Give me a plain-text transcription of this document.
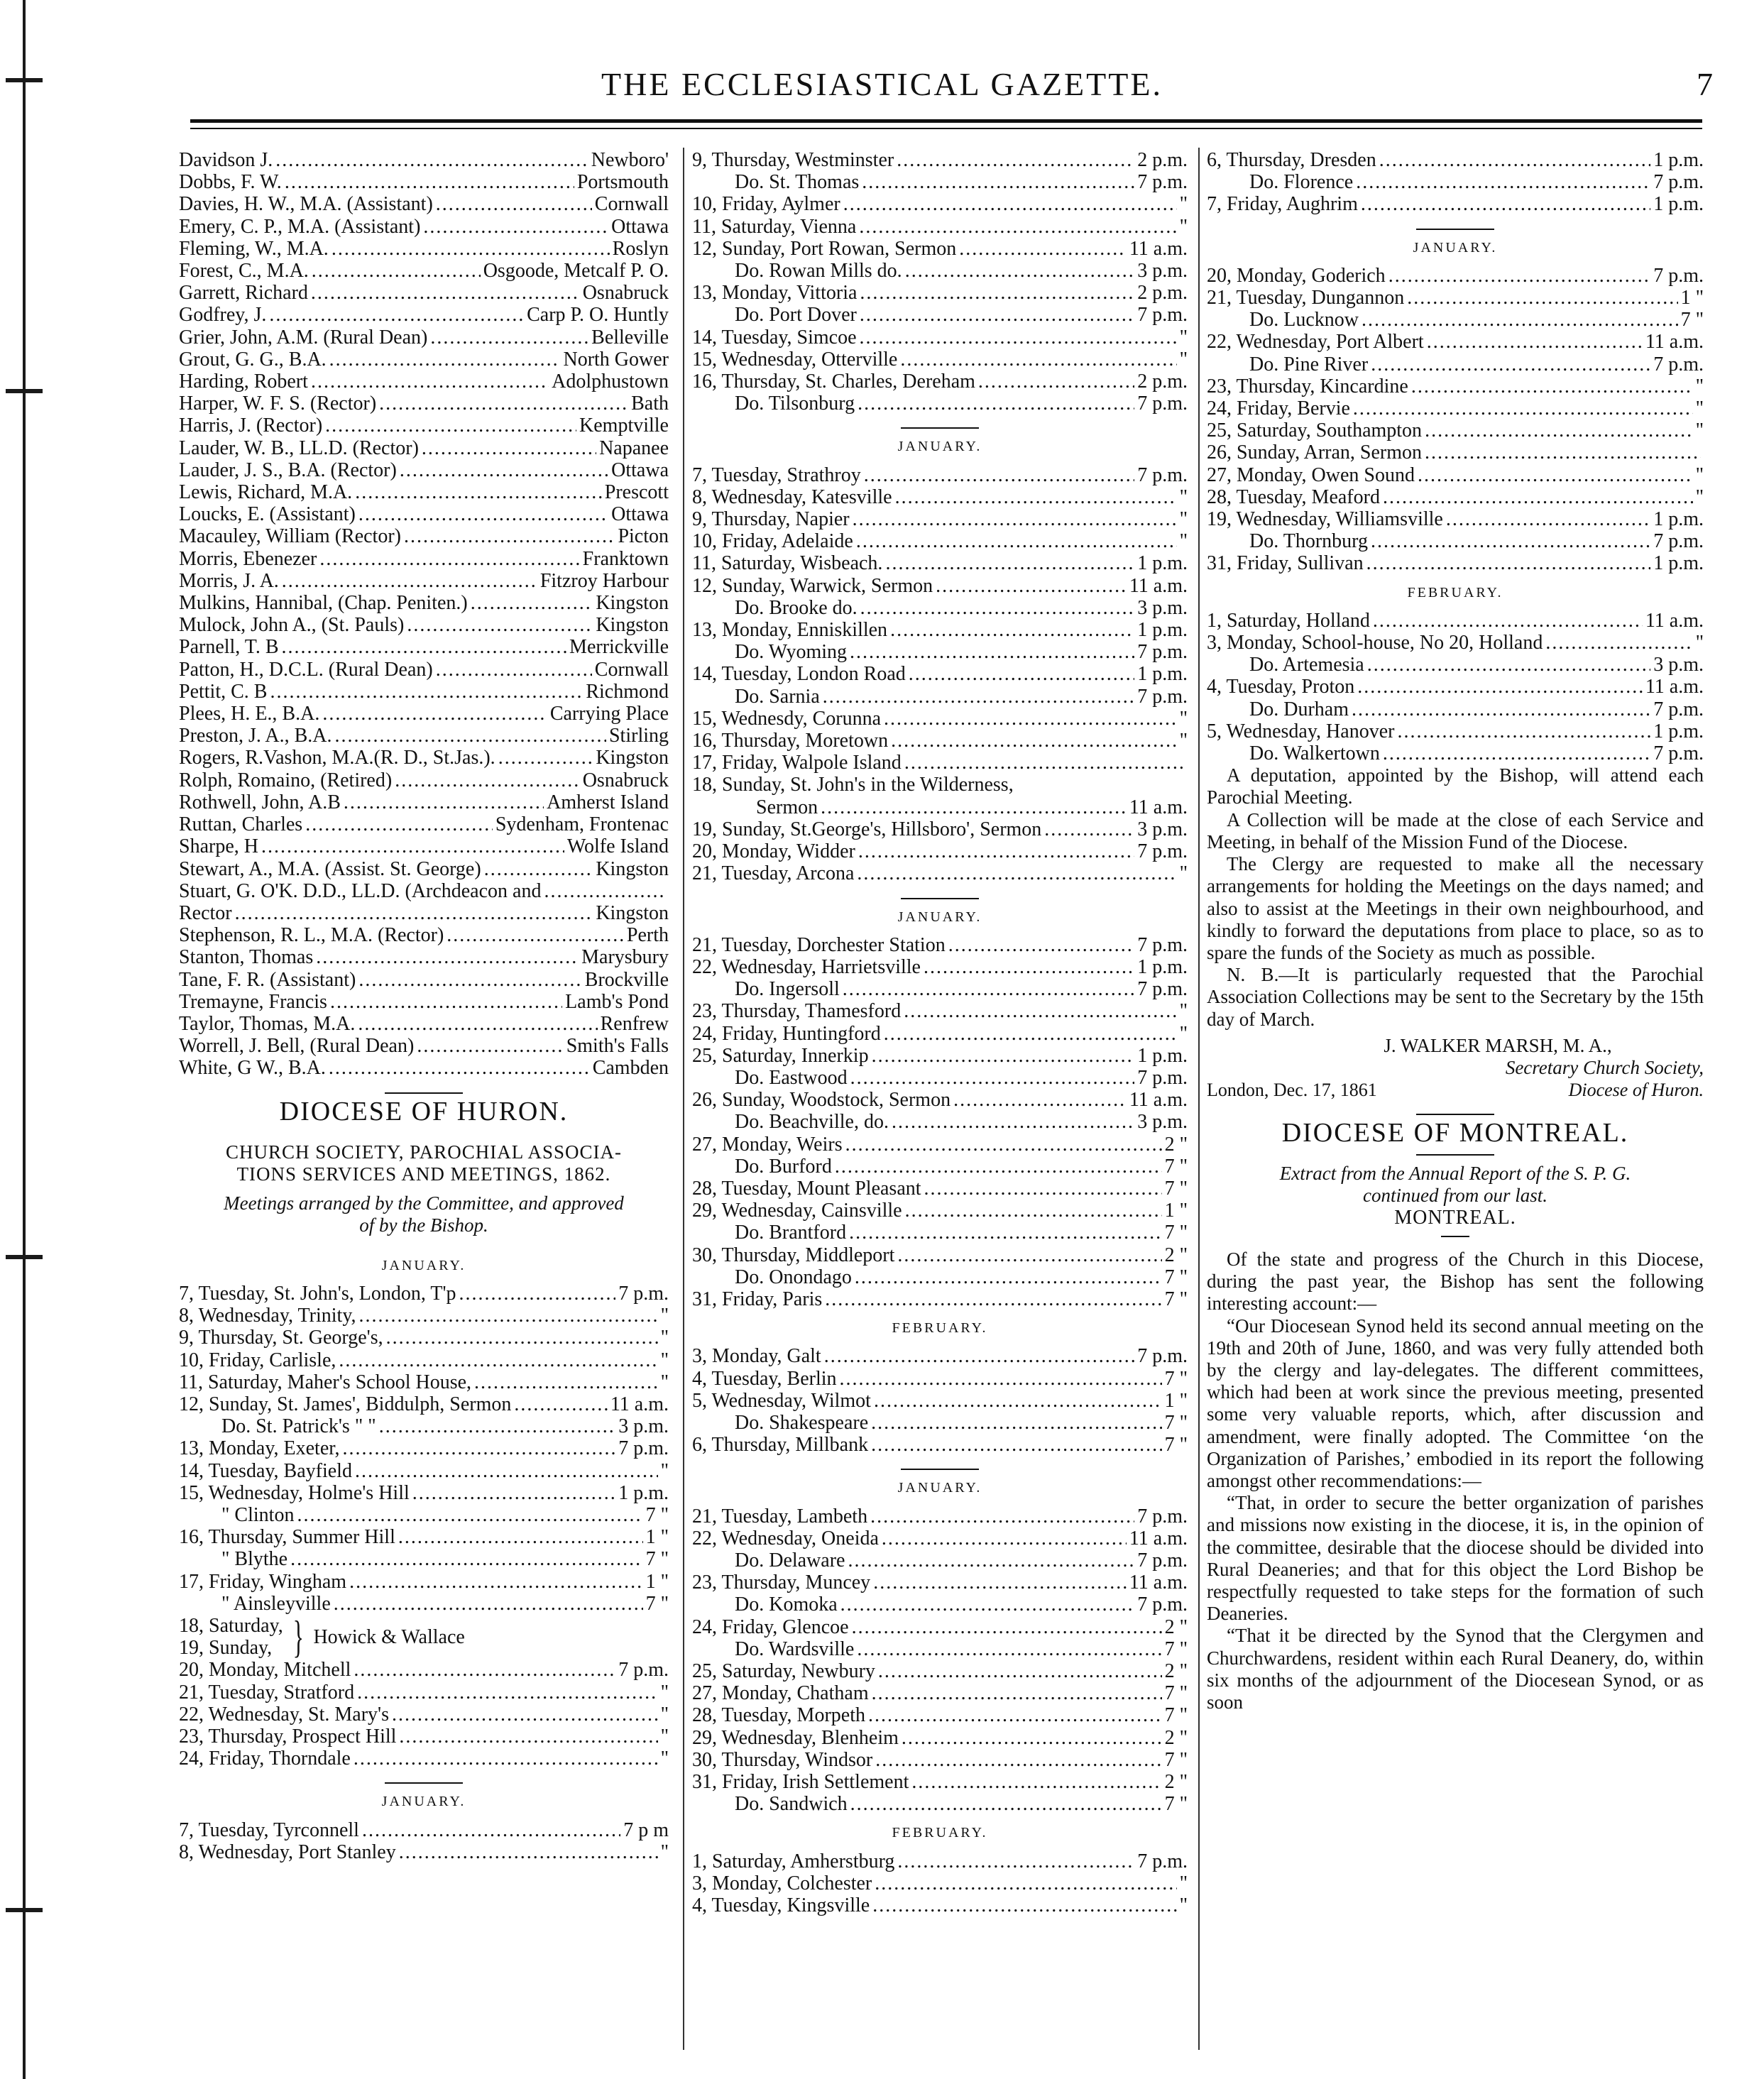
THE ECCLESIASTICAL GAZETTE.	7
Davidson J. .....	Newboro'
Dobbs, F. W. .....	Portsmouth
Davies, H. W., M.A. (Assistant) .....	Cornwall
Emery, C. P., M.A. (Assistant) .....	Ottawa
Fleming, W., M.A. .....	Roslyn
Forest, C., M.A. .....	Osgoode, Metcalf P. O.
Garrett, Richard .....	Osnabruck
Godfrey, J. .....	Carp P. O. Huntly
Grier, John, A.M. (Rural Dean) .....	Belleville
Grout, G. G., B.A. .....	North Gower
Harding, Robert .....	Adolphustown
Harper, W. F. S. (Rector) .....	Bath
Harris, J. (Rector) .....	Kemptville
Lauder, W. B., LL.D. (Rector) .....	Napanee
Lauder, J. S., B.A. (Rector) .....	Ottawa
Lewis, Richard, M.A. .....	Prescott
Loucks, E. (Assistant) .....	Ottawa
Macauley, William (Rector) .....	Picton
Morris, Ebenezer .....	Franktown
Morris, J. A. .....	Fitzroy Harbour
Mulkins, Hannibal, (Chap. Peniten.) .....	Kingston
Mulock, John A., (St. Pauls) .....	Kingston
Parnell, T. B .....	Merrickville
Patton, H., D.C.L. (Rural Dean) .....	Cornwall
Pettit, C. B .....	Richmond
Plees, H. E., B.A. .....	Carrying Place
Preston, J. A., B.A. .....	Stirling
Rogers, R.Vashon, M.A.(R. D., St.Jas.). .....	Kingston
Rolph, Romaino, (Retired) .....	Osnabruck
Rothwell, John, A.B .....	Amherst Island
Ruttan, Charles .....	Sydenham, Frontenac
Sharpe, H .....	Wolfe Island
Stewart, A., M.A. (Assist. St. George) .....	Kingston
Stuart, G. O'K. D.D., LL.D. (Archdeacon and
.....
Rector .....	Kingston
Stephenson, R. L., M.A. (Rector) .....	Perth
Stanton, Thomas .....	Marysbury
Tane, F. R. (Assistant) .....	Brockville
Tremayne, Francis .....	Lamb's Pond
Taylor, Thomas, M.A. .....	Renfrew
Worrell, J. Bell, (Rural Dean) .....	Smith's Falls
White, G W., B.A. .....	Cambden
DIOCESE OF HURON.
CHURCH SOCIETY, PAROCHIAL ASSOCIA-
TIONS SERVICES AND MEETINGS, 1862.
Meetings arranged by the Committee, and approved
of by the Bishop.
JANUARY.
7, Tuesday, St. John's, London, T'p .....	7 p.m.
8, Wednesday, Trinity, .....	"
9, Thursday, St. George's, .....	"
10, Friday, Carlisle, .....	"
11, Saturday, Maher's School House, .....	"
12, Sunday, St. James', Biddulph, Sermon .....	11 a.m.
Do. St. Patrick's " " .....	3 p.m.
13, Monday, Exeter, .....	7 p.m.
14, Tuesday, Bayfield .....	"
15, Wednesday, Holme's Hill .....	1 p.m.
" Clinton .....	7 "
16, Thursday, Summer Hill .....	1 "
" Blythe .....	7 "
17, Friday, Wingham .....	1 "
" Ainsleyville .....	7 "
18, Saturday,
19, Sunday, } Howick & Wallace
20, Monday, Mitchell .....	7 p.m.
21, Tuesday, Stratford .....	"
22, Wednesday, St. Mary's .....	"
23, Thursday, Prospect Hill .....	"
24, Friday, Thorndale .....	"
JANUARY.
7, Tuesday, Tyrconnell .....	7 p m
8, Wednesday, Port Stanley .....	"
9, Thursday, Westminster .....	2 p.m.
Do. St. Thomas .....	7 p.m.
10, Friday, Aylmer .....	"
11, Saturday, Vienna .....	"
12, Sunday, Port Rowan, Sermon .....	11 a.m.
Do. Rowan Mills do. .....	3 p.m.
13, Monday, Vittoria .....	2 p.m.
Do. Port Dover .....	7 p.m.
14, Tuesday, Simcoe .....	"
15, Wednesday, Otterville .....	"
16, Thursday, St. Charles, Dereham .....	2 p.m.
Do. Tilsonburg .....	7 p.m.
JANUARY.
7, Tuesday, Strathroy .....	7 p.m.
8, Wednesday, Katesville .....	"
9, Thursday, Napier .....	"
10, Friday, Adelaide .....	"
11, Saturday, Wisbeach. .....	1 p.m.
12, Sunday, Warwick, Sermon .....	11 a.m.
Do. Brooke do. .....	3 p.m.
13, Monday, Enniskillen .....	1 p.m.
Do. Wyoming .....	7 p.m.
14, Tuesday, London Road .....	1 p.m.
Do. Sarnia .....	7 p.m.
15, Wednesdy, Corunna .....	"
16, Thursday, Moretown .....	"
17, Friday, Walpole Island
.....
18, Sunday, St. John's in the Wilderness,
Sermon .....	11 a.m.
19, Sunday, St.George's, Hillsboro', Sermon .....	3 p.m.
20, Monday, Widder .....	7 p.m.
21, Tuesday, Arcona .....	"
JANUARY.
21, Tuesday, Dorchester Station .....	7 p.m.
22, Wednesday, Harrietsville .....	1 p.m.
Do. Ingersoll .....	7 p.m.
23, Thursday, Thamesford .....	"
24, Friday, Huntingford .....	"
25, Saturday, Innerkip .....	1 p.m.
Do. Eastwood .....	7 p.m.
26, Sunday, Woodstock, Sermon .....	11 a.m.
Do. Beachville, do. .....	3 p.m.
27, Monday, Weirs .....	2 "
Do. Burford .....	7 "
28, Tuesday, Mount Pleasant .....	7 "
29, Wednesday, Cainsville .....	1 "
Do. Brantford .....	7 "
30, Thursday, Middleport .....	2 "
Do. Onondago .....	7 "
31, Friday, Paris .....	7 "
FEBRUARY.
3, Monday, Galt .....	7 p.m.
4, Tuesday, Berlin .....	7 "
5, Wednesday, Wilmot .....	1 "
Do. Shakespeare .....	7 "
6, Thursday, Millbank .....	7 "
JANUARY.
21, Tuesday, Lambeth .....	7 p.m.
22, Wednesday, Oneida .....	11 a.m.
Do. Delaware .....	7 p.m.
23, Thursday, Muncey .....	11 a.m.
Do. Komoka .....	7 p.m.
24, Friday, Glencoe .....	2 "
Do. Wardsville .....	7 "
25, Saturday, Newbury .....	2 "
27, Monday, Chatham .....	7 "
28, Tuesday, Morpeth .....	7 "
29, Wednesday, Blenheim .....	2 "
30, Thursday, Windsor .....	7 "
31, Friday, Irish Settlement .....	2 "
Do. Sandwich .....	7 "
FEBRUARY.
1, Saturday, Amherstburg .....	7 p.m.
3, Monday, Colchester .....	"
4, Tuesday, Kingsville .....	"
6, Thursday, Dresden .....	1 p.m.
Do. Florence .....	7 p.m.
7, Friday, Aughrim .....	1 p.m.
JANUARY.
20, Monday, Goderich .....	7 p.m.
21, Tuesday, Dungannon .....	1 "
Do. Lucknow .....	7 "
22, Wednesday, Port Albert .....	11 a.m.
Do. Pine River .....	7 p.m.
23, Thursday, Kincardine .....	"
24, Friday, Bervie .....	"
25, Saturday, Southampton .....	"
26, Sunday, Arran, Sermon
.....
27, Monday, Owen Sound .....	"
28, Tuesday, Meaford .....	"
19, Wednesday, Williamsville .....	1 p.m.
Do. Thornburg .....	7 p.m.
31, Friday, Sullivan .....	1 p.m.
FEBRUARY.
1, Saturday, Holland .....	11 a.m.
3, Monday, School-house, No 20, Holland .....	"
Do. Artemesia .....	3 p.m.
4, Tuesday, Proton .....	11 a.m.
Do. Durham .....	7 p.m.
5, Wednesday, Hanover .....	1 p.m.
Do. Walkertown .....	7 p.m.
A deputation, appointed by the Bishop, will attend each Parochial Meeting.
A Collection will be made at the close of each Service and Meeting, in behalf of the Mission Fund of the Diocese.
The Clergy are requested to make all the necessary arrangements for holding the Meetings on the days named; and also to assist at the Meetings in their own neighbourhood, and kindly to forward the deputations from place to place, so as to spare the funds of the Society as much as possible.
N. B.—It is particularly requested that the Parochial Association Collections may be sent to the Secretary by the 15th day of March.
J. WALKER MARSH, M. A.,
Secretary Church Society,
London, Dec. 17, 1861	Diocese of Huron.
DIOCESE OF MONTREAL.
Extract from the Annual Report of the S. P. G.
continued from our last.
MONTREAL.
Of the state and progress of the Church in this Diocese, during the past year, the Bishop has sent the following interesting account:—
“Our Diocesean Synod held its second annual meeting on the 19th and 20th of June, 1860, and was very fully attended both by the clergy and lay-delegates. The different committees, which had been at work since the previous meeting, presented some very valuable reports, which, after discussion and amendment, were finally adopted. The Committee ‘on the Organization of Parishes,’ embodied in its report the following amongst other recommendations:—
“That, in order to secure the better organization of parishes and missions now existing in the diocese, it is, in the opinion of the committee, desirable that the diocese should be divided into Rural Deaneries; and that for this object the Lord Bishop be respectfully requested to take steps for the formation of such Deaneries.
“That it be directed by the Synod that the Clergymen and Churchwardens, resident within each Rural Deanery, do, within six months of the adjournment of the Diocesean Synod, or as soon
